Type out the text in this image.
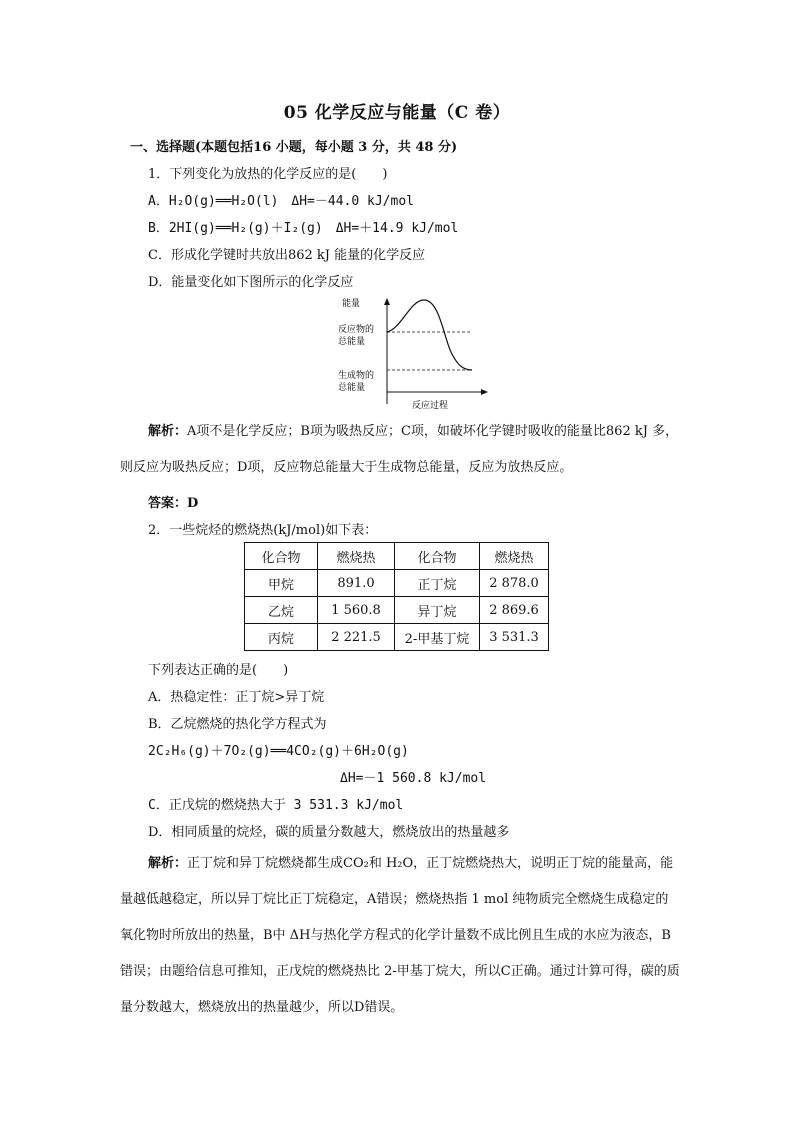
05 化学反应与能量（C 卷）
一、选择题(本题包括16 小题，每小题 3 分，共 48 分)
1．下列变化为放热的化学反应的是(　　)
A．H₂O(g)══H₂O(l)　ΔH=－44.0 kJ/mol
B．2HI(g)══H₂(g)＋I₂(g)　ΔH=＋14.9 kJ/mol
C．形成化学键时共放出862 kJ 能量的化学反应
D．能量变化如下图所示的化学反应
能量
反应物的
总能量
生成物的
总能量
反应过程
解析：A项不是化学反应；B项为吸热反应；C项，如破坏化学键时吸收的能量比862 kJ 多，则反应为吸热反应；D项，反应物总能量大于生成物总能量，反应为放热反应。
答案：D
2．一些烷烃的燃烧热(kJ/mol)如下表：
化合物	燃烧热	化合物	燃烧热
甲烷	891.0	正丁烷	2 878.0
乙烷	1 560.8	异丁烷	2 869.6
丙烷	2 221.5	2-甲基丁烷	3 531.3
下列表达正确的是(　　)
A．热稳定性：正丁烷>异丁烷
B．乙烷燃烧的热化学方程式为
2C₂H₆(g)＋7O₂(g)══4CO₂(g)＋6H₂O(g)
ΔH=－1 560.8 kJ/mol
C．正戊烷的燃烧热大于 3 531.3 kJ/mol
D．相同质量的烷烃，碳的质量分数越大，燃烧放出的热量越多
解析：正丁烷和异丁烷燃烧都生成CO₂和 H₂O，正丁烷燃烧热大，说明正丁烷的能量高，能量越低越稳定，所以异丁烷比正丁烷稳定，A错误；燃烧热指 1 mol 纯物质完全燃烧生成稳定的氧化物时所放出的热量，B中 ΔH与热化学方程式的化学计量数不成比例且生成的水应为液态，B错误；由题给信息可推知，正戊烷的燃烧热比 2-甲基丁烷大，所以C正确。通过计算可得，碳的质量分数越大，燃烧放出的热量越少，所以D错误。
